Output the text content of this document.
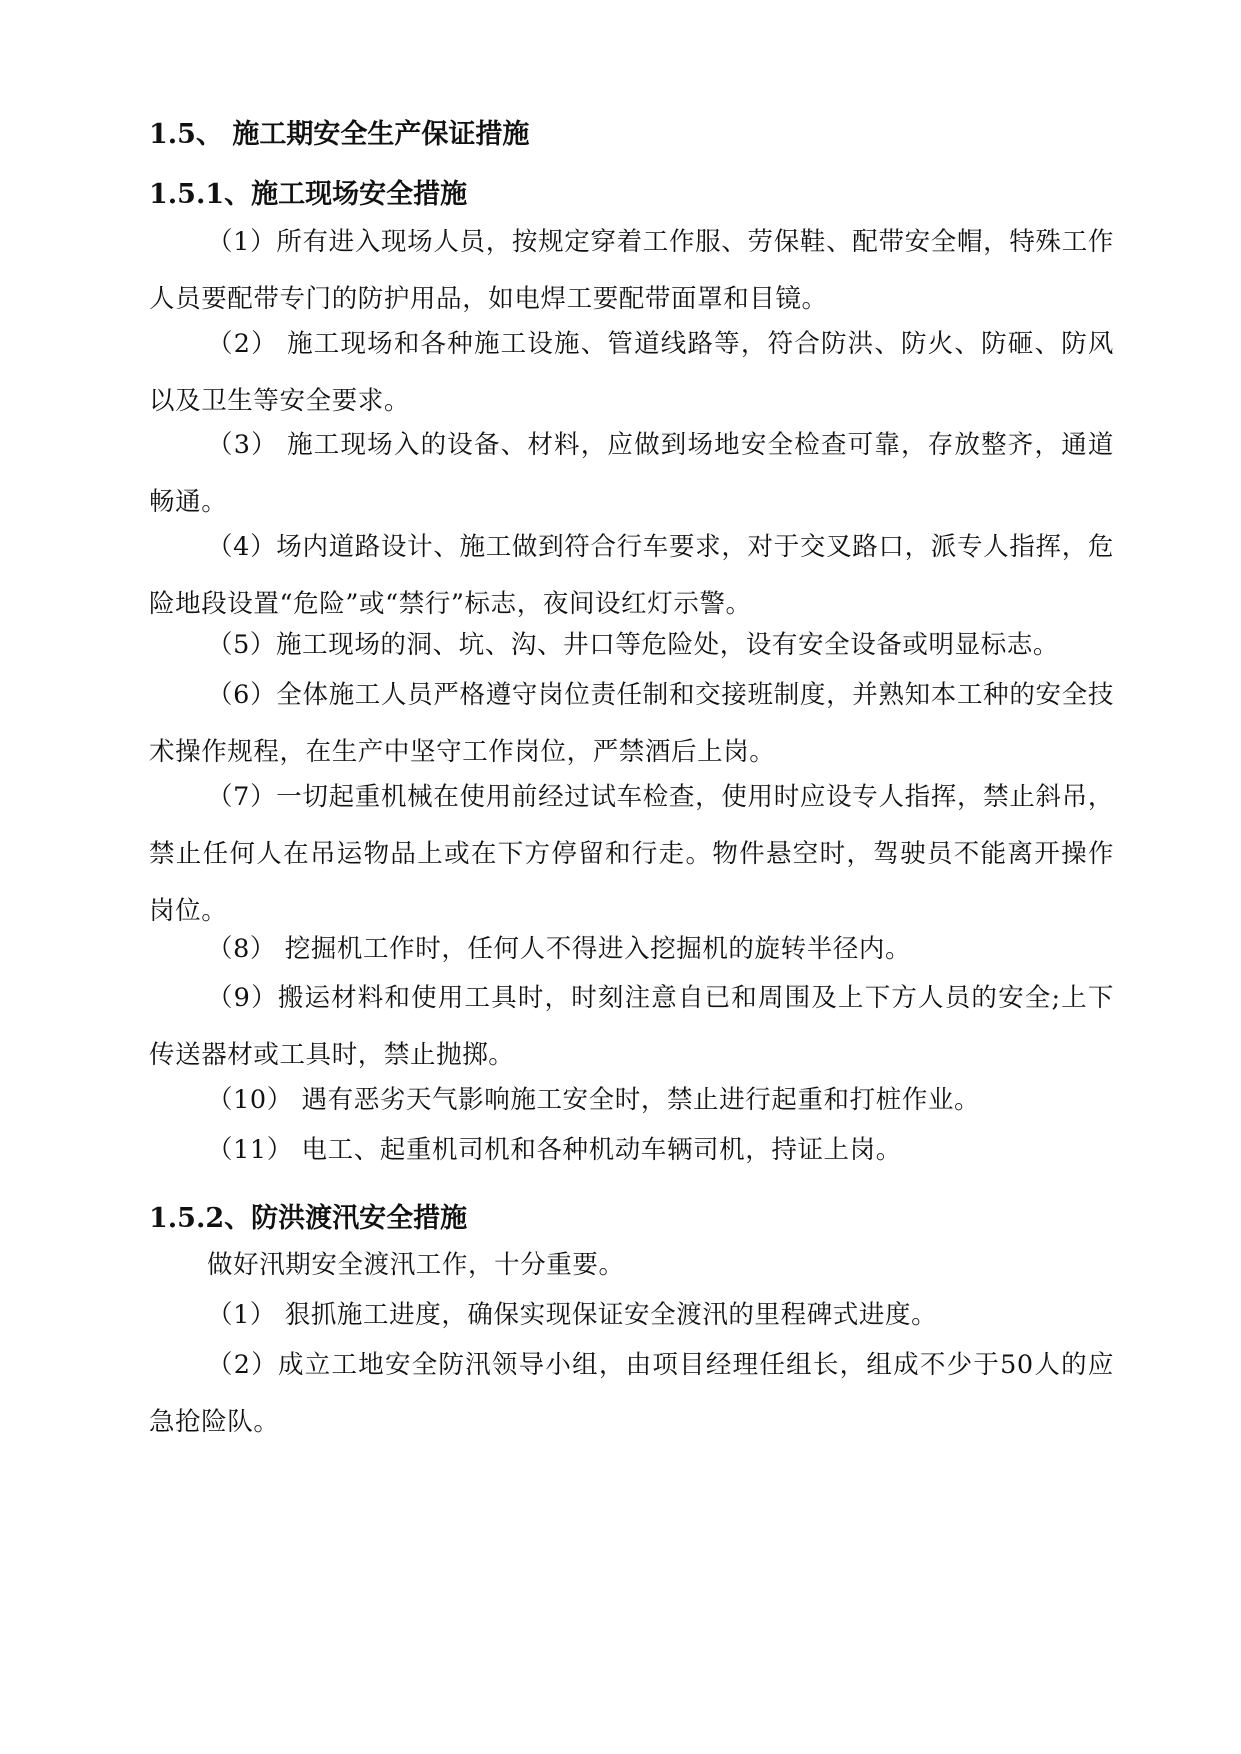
1.5、 施工期安全生产保证措施
1.5.1、施工现场安全措施

（1）所有进入现场人员，按规定穿着工作服、劳保鞋、配带安全帽，特殊工作人员要配带专门的防护用品，如电焊工要配带面罩和目镜。

（2） 施工现场和各种施工设施、管道线路等，符合防洪、防火、防砸、防风以及卫生等安全要求。

（3） 施工现场入的设备、材料，应做到场地安全检查可靠，存放整齐，通道畅通。

（4）场内道路设计、施工做到符合行车要求，对于交叉路口，派专人指挥，危险地段设置“危险”或“禁行”标志，夜间设红灯示警。

（5）施工现场的洞、坑、沟、井口等危险处，设有安全设备或明显标志。

（6）全体施工人员严格遵守岗位责任制和交接班制度，并熟知本工种的安全技术操作规程，在生产中坚守工作岗位，严禁酒后上岗。

（7）一切起重机械在使用前经过试车检查，使用时应设专人指挥，禁止斜吊，禁止任何人在吊运物品上或在下方停留和行走。物件悬空时，驾驶员不能离开操作岗位。

（8） 挖掘机工作时，任何人不得进入挖掘机的旋转半径内。

（9）搬运材料和使用工具时，时刻注意自已和周围及上下方人员的安全;上下传送器材或工具时，禁止抛掷。

（10） 遇有恶劣天气影响施工安全时，禁止进行起重和打桩作业。

（11） 电工、起重机司机和各种机动车辆司机，持证上岗。

1.5.2、防洪渡汛安全措施

做好汛期安全渡汛工作，十分重要。

（1） 狠抓施工进度，确保实现保证安全渡汛的里程碑式进度。

（2）成立工地安全防汛领导小组，由项目经理任组长，组成不少于50人的应急抢险队。
